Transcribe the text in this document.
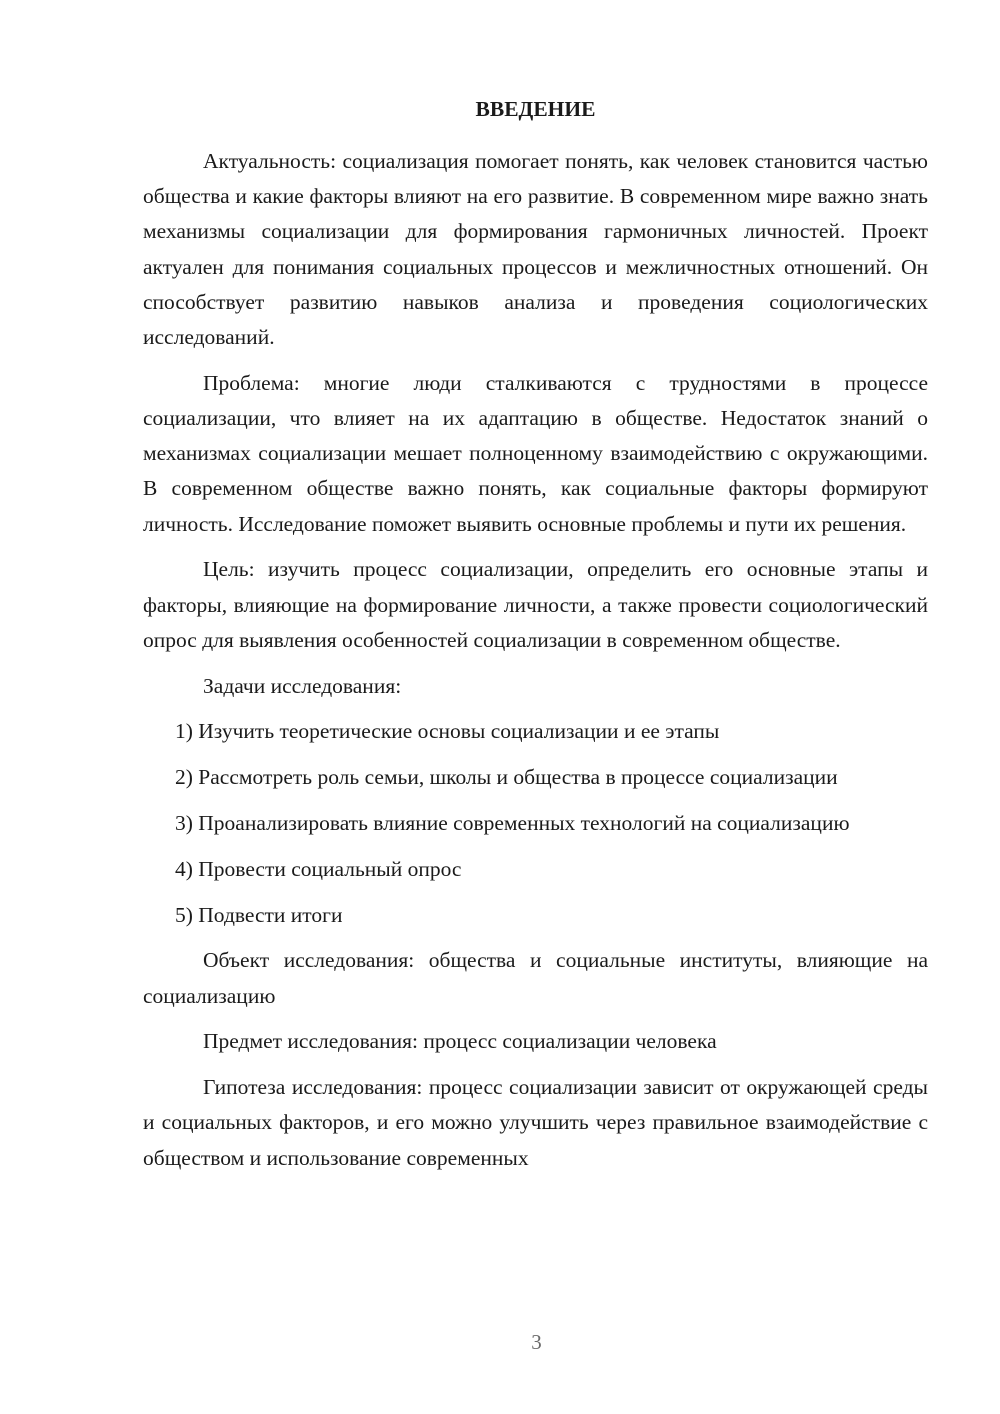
ВВЕДЕНИЕ

Актуальность: социализация помогает понять, как человек становится частью общества и какие факторы влияют на его развитие. В современном мире важно знать механизмы социализации для формирования гармоничных личностей. Проект актуален для понимания социальных процессов и межличностных отношений. Он способствует развитию навыков анализа и проведения социологических исследований.

Проблема: многие люди сталкиваются с трудностями в процессе социализации, что влияет на их адаптацию в обществе. Недостаток знаний о механизмах социализации мешает полноценному взаимодействию с окружающими. В современном обществе важно понять, как социальные факторы формируют личность. Исследование поможет выявить основные проблемы и пути их решения.

Цель: изучить процесс социализации, определить его основные этапы и факторы, влияющие на формирование личности, а также провести социологический опрос для выявления особенностей социализации в современном обществе.

Задачи исследования:

1) Изучить теоретические основы социализации и ее этапы

2) Рассмотреть роль семьи, школы и общества в процессе социализации

3) Проанализировать влияние современных технологий на социализацию

4) Провести социальный опрос

5) Подвести итоги

Объект исследования: общества и социальные институты, влияющие на социализацию

Предмет исследования: процесс социализации человека

Гипотеза исследования: процесс социализации зависит от окружающей среды и социальных факторов, и его можно улучшить через правильное взаимодействие с обществом и использование современных

3
